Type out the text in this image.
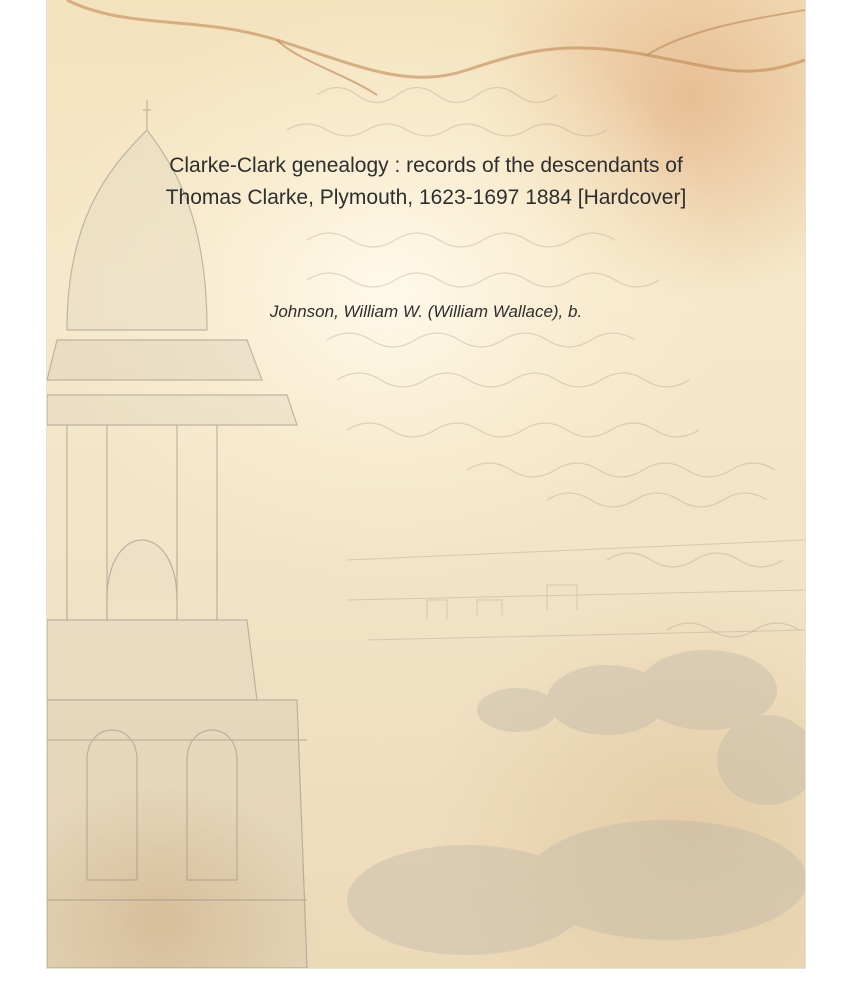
Clarke-Clark genealogy : records of the descendants of
Thomas Clarke, Plymouth, 1623-1697 1884 [Hardcover]
Johnson, William W. (William Wallace), b.
